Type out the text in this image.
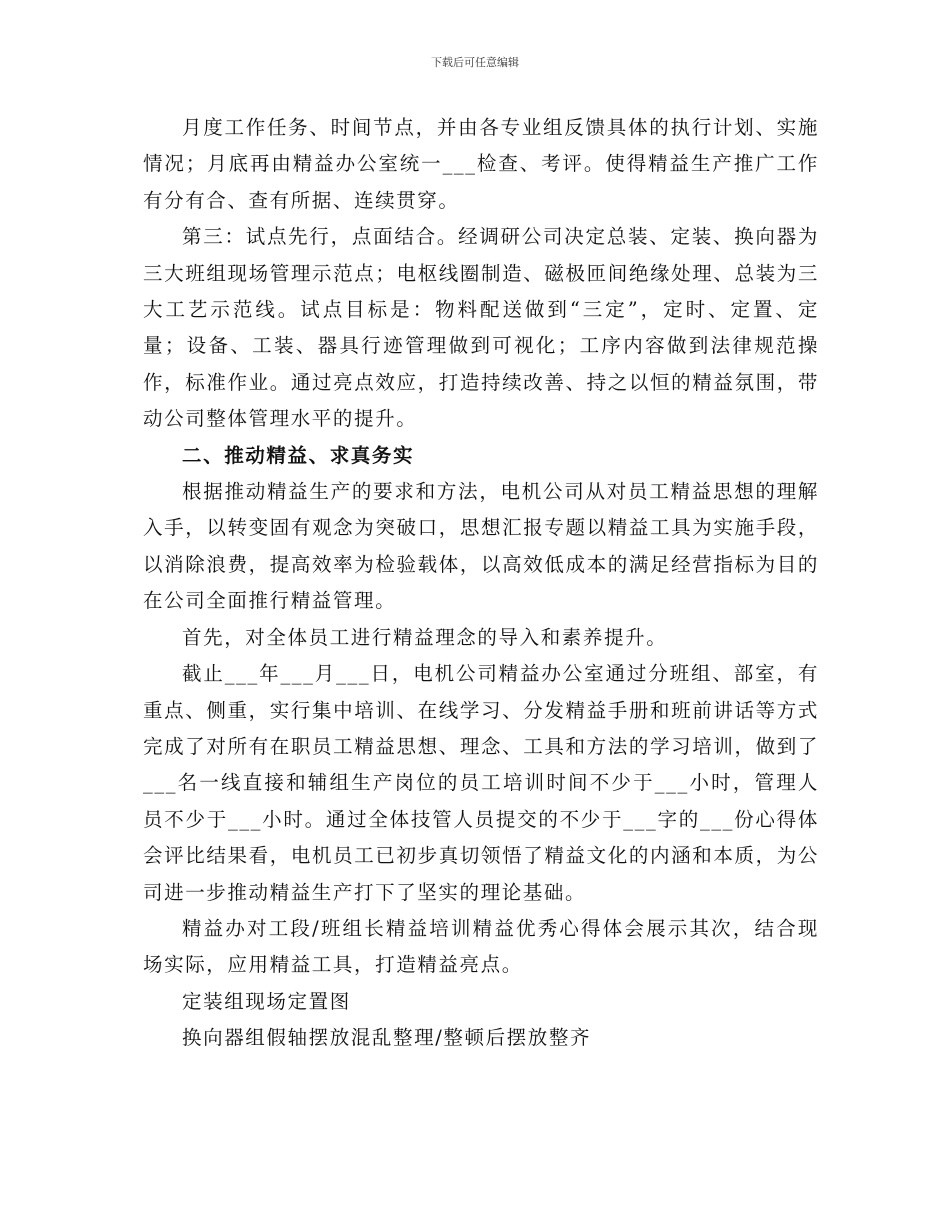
下载后可任意编辑

月度工作任务、时间节点，并由各专业组反馈具体的执行计划、实施情况；月底再由精益办公室统一___检查、考评。使得精益生产推广工作有分有合、查有所据、连续贯穿。

第三：试点先行，点面结合。经调研公司决定总装、定装、换向器为三大班组现场管理示范点；电枢线圈制造、磁极匝间绝缘处理、总装为三大工艺示范线。试点目标是：物料配送做到“三定”，定时、定置、定量；设备、工装、器具行迹管理做到可视化；工序内容做到法律规范操作，标准作业。通过亮点效应，打造持续改善、持之以恒的精益氛围，带动公司整体管理水平的提升。

二、推动精益、求真务实

根据推动精益生产的要求和方法，电机公司从对员工精益思想的理解入手，以转变固有观念为突破口，思想汇报专题以精益工具为实施手段，以消除浪费，提高效率为检验载体，以高效低成本的满足经营指标为目的在公司全面推行精益管理。

首先，对全体员工进行精益理念的导入和素养提升。

截止___年___月___日，电机公司精益办公室通过分班组、部室，有重点、侧重，实行集中培训、在线学习、分发精益手册和班前讲话等方式完成了对所有在职员工精益思想、理念、工具和方法的学习培训，做到了___名一线直接和辅组生产岗位的员工培训时间不少于___小时，管理人员不少于___小时。通过全体技管人员提交的不少于___字的___份心得体会评比结果看，电机员工已初步真切领悟了精益文化的内涵和本质，为公司进一步推动精益生产打下了坚实的理论基础。

精益办对工段/班组长精益培训精益优秀心得体会展示其次，结合现场实际，应用精益工具，打造精益亮点。

定装组现场定置图

换向器组假轴摆放混乱整理/整顿后摆放整齐
